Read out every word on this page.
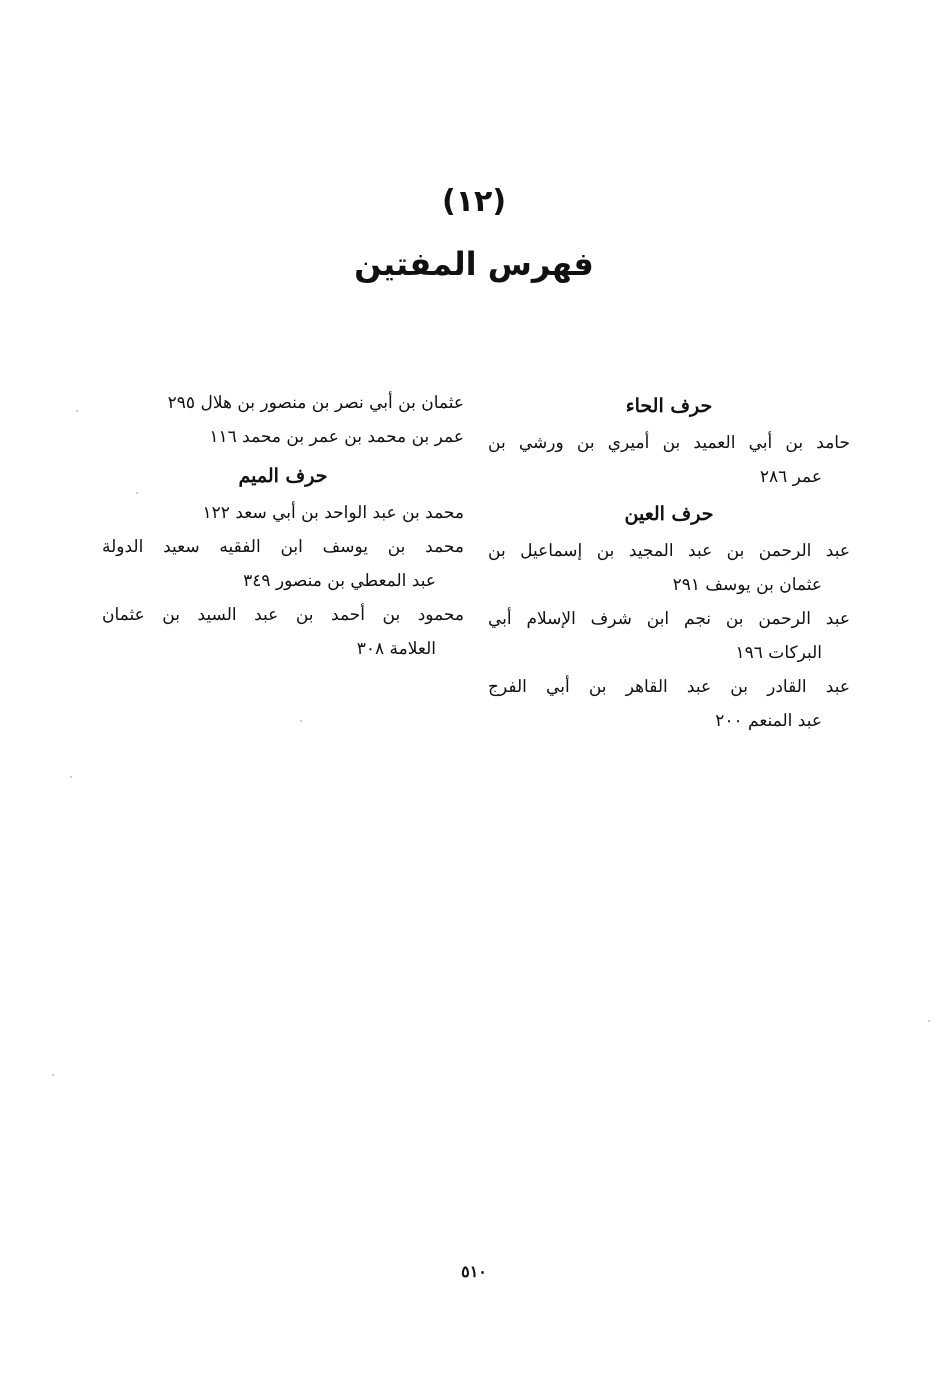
(١٢)
فهرس المفتين
حرف الحاء
حامد بن أبي العميد بن أميري بن ورشي بن
عمر ٢٨٦
حرف العين
عبد الرحمن بن عبد المجيد بن إسماعيل بن
عثمان بن يوسف ٢٩١
عبد الرحمن بن نجم ابن شرف الإسلام أبي
البركات ١٩٦
عبد القادر بن عبد القاهر بن أبي الفرج
عبد المنعم ٢٠٠
عثمان بن أبي نصر بن منصور بن هلال ٢٩٥
عمر بن محمد بن عمر بن محمد ١١٦
حرف الميم
محمد بن عبد الواحد بن أبي سعد ١٢٢
محمد بن يوسف ابن الفقيه سعيد الدولة
عبد المعطي بن منصور ٣٤٩
محمود بن أحمد بن عبد السيد بن عثمان
العلامة ٣٠٨
٥١٠
